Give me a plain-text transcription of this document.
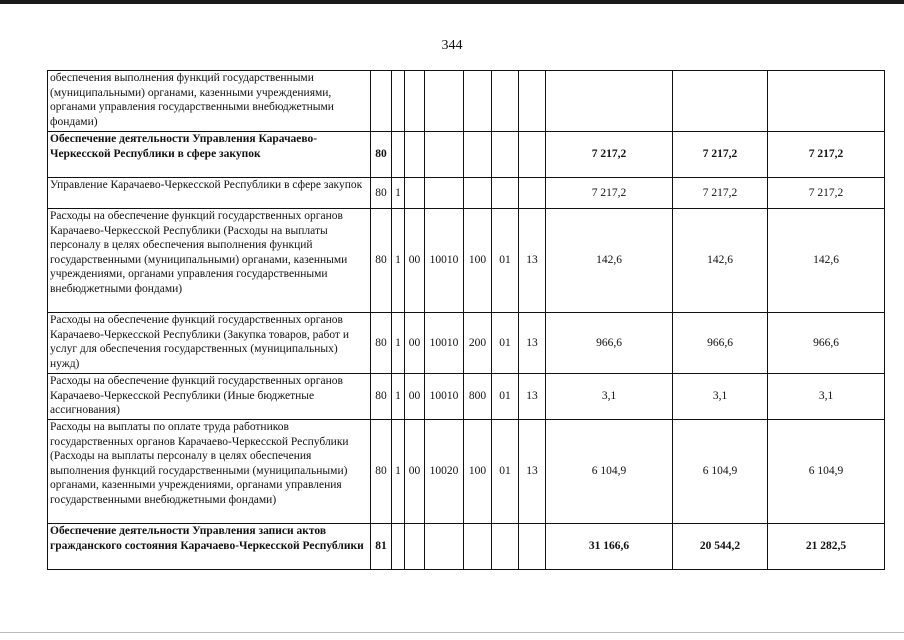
344
обеспечения выполнения функций государственными (муниципальными) органами, казенными учреждениями, органами управления государственными внебюджетными фондами)										
Обеспечение деятельности Управления Карачаево-Черкесской Республики в сфере закупок	80							7 217,2	7 217,2	7 217,2
Управление Карачаево-Черкесской Республики в сфере закупок	80	1						7 217,2	7 217,2	7 217,2
Расходы на обеспечение функций государственных органов Карачаево-Черкесской Республики (Расходы на выплаты персоналу в целях обеспечения выполнения функций государственными (муниципальными) органами, казенными учреждениями, органами управления государственными внебюджетными фондами)	80	1	00	10010	100	01	13	142,6	142,6	142,6
Расходы на обеспечение функций государственных органов Карачаево-Черкесской Республики (Закупка товаров, работ и услуг для обеспечения государственных (муниципальных) нужд)	80	1	00	10010	200	01	13	966,6	966,6	966,6
Расходы на обеспечение функций государственных органов Карачаево-Черкесской Республики (Иные бюджетные ассигнования)	80	1	00	10010	800	01	13	3,1	3,1	3,1
Расходы на выплаты по оплате труда работников государственных органов Карачаево-Черкесской Республики (Расходы на выплаты персоналу в целях обеспечения выполнения функций государственными (муниципальными) органами, казенными учреждениями, органами управления государственными внебюджетными фондами)	80	1	00	10020	100	01	13	6 104,9	6 104,9	6 104,9
Обеспечение деятельности Управления записи актов гражданского состояния Карачаево-Черкесской Республики	81							31 166,6	20 544,2	21 282,5
